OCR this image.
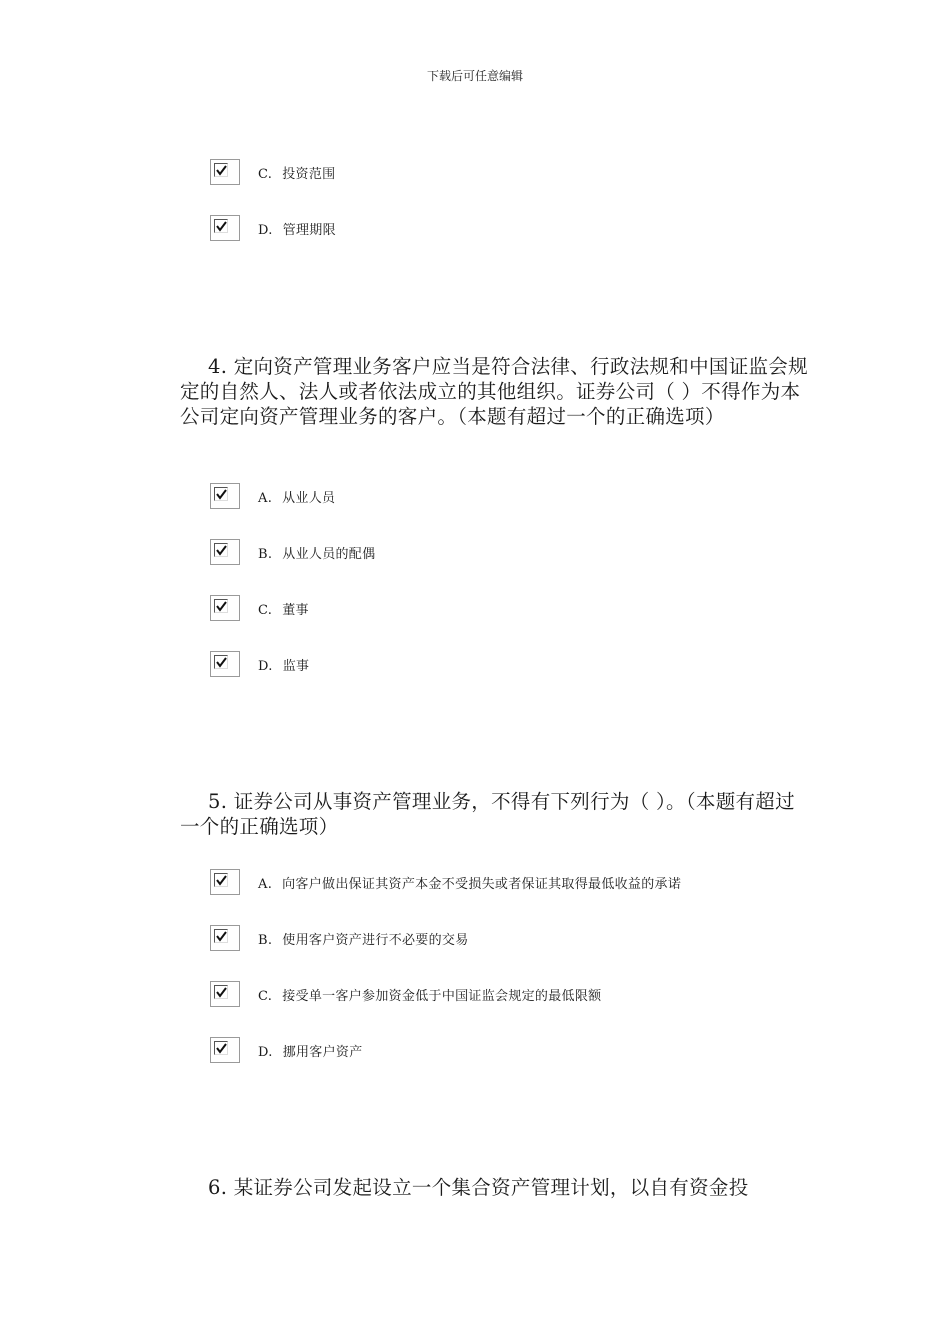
下载后可任意编辑
C. 投资范围
D. 管理期限
4. 定向资产管理业务客户应当是符合法律、行政法规和中国证监会规定的自然人、法人或者依法成立的其他组织。证券公司（ ）不得作为本公司定向资产管理业务的客户。（本题有超过一个的正确选项）
A. 从业人员
B. 从业人员的配偶
C. 董事
D. 监事
5. 证券公司从事资产管理业务，不得有下列行为（ ）。（本题有超过一个的正确选项）
A. 向客户做出保证其资产本金不受损失或者保证其取得最低收益的承诺
B. 使用客户资产进行不必要的交易
C. 接受单一客户参加资金低于中国证监会规定的最低限额
D. 挪用客户资产
6. 某证券公司发起设立一个集合资产管理计划，以自有资金投
